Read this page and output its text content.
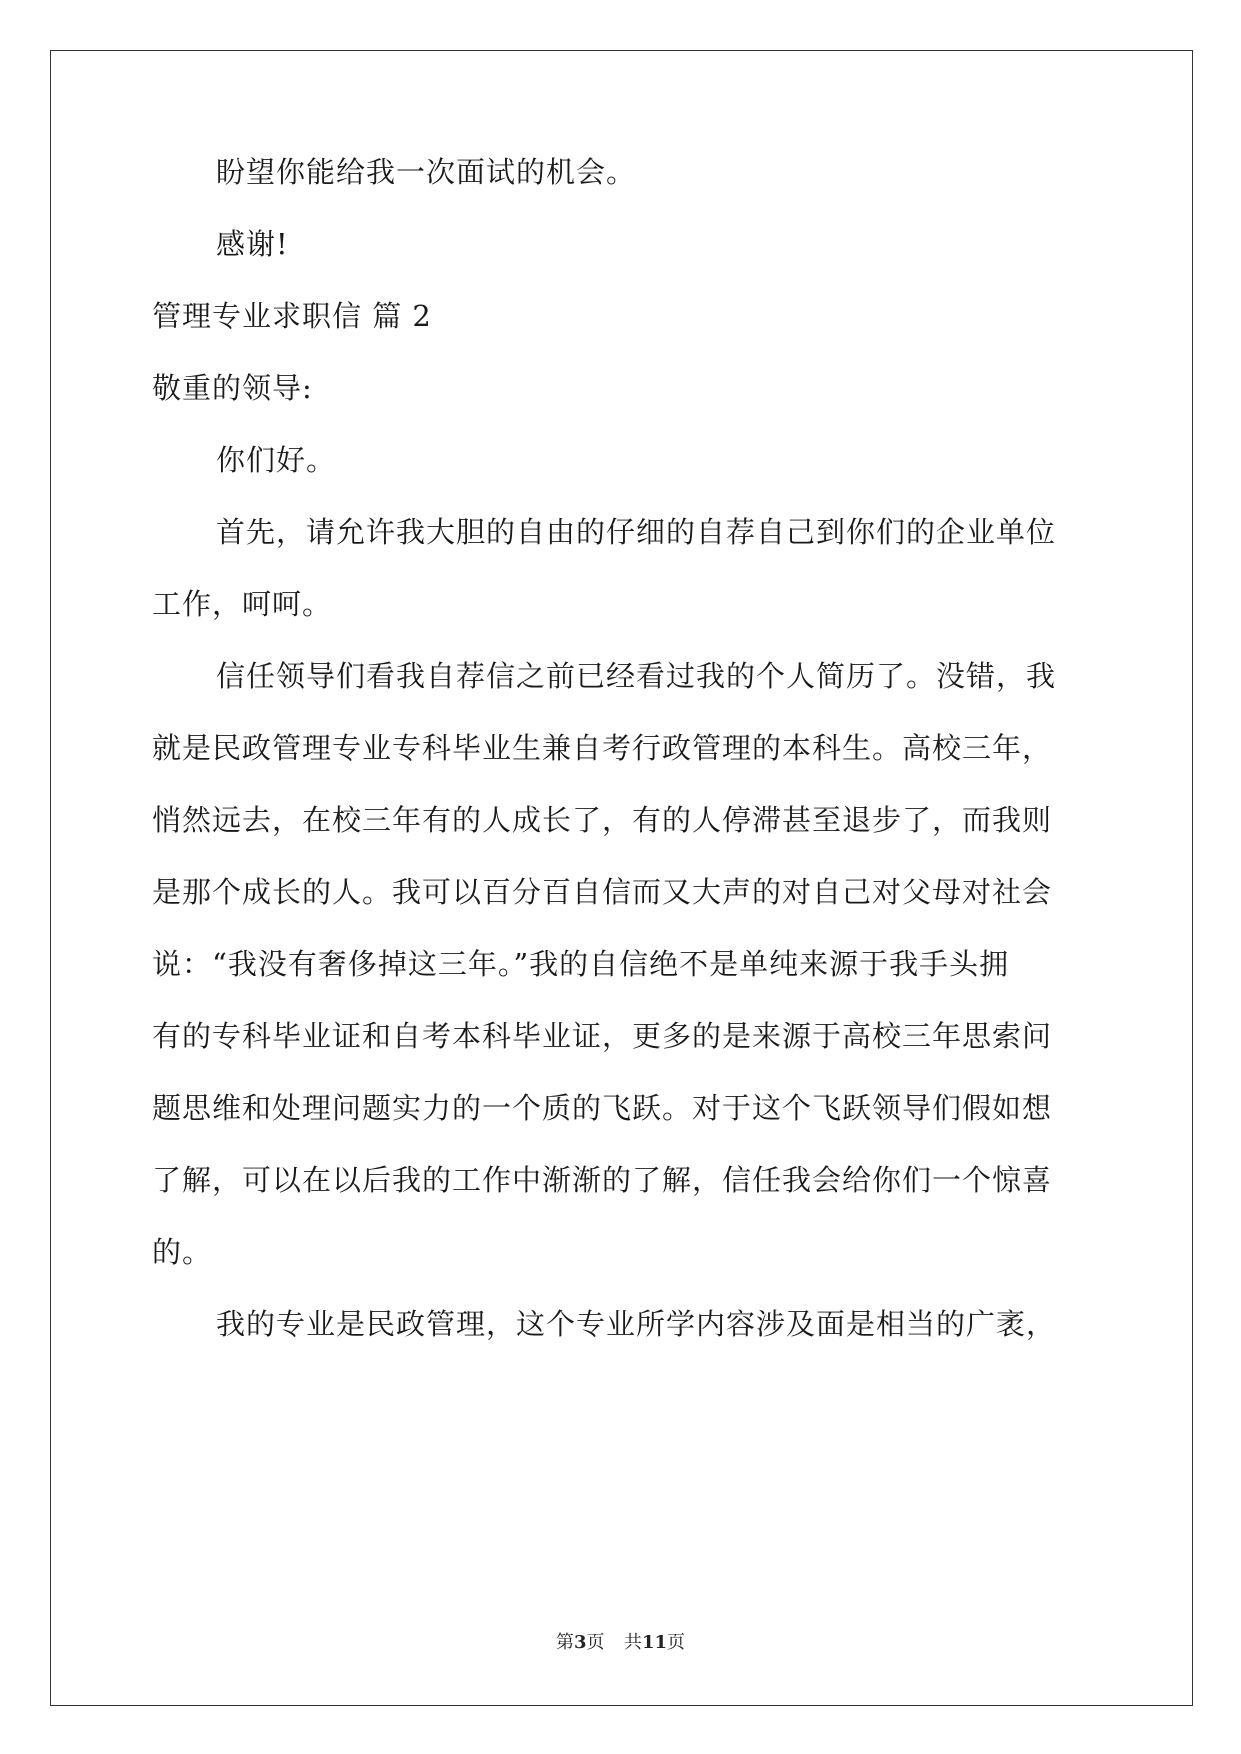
盼望你能给我一次面试的机会。
感谢!
管理专业求职信 篇 2
敬重的领导:
你们好。
首先，请允许我大胆的自由的仔细的自荐自己到你们的企业单位
工作，呵呵。
信任领导们看我自荐信之前已经看过我的个人简历了。没错，我
就是民政管理专业专科毕业生兼自考行政管理的本科生。高校三年，
悄然远去，在校三年有的人成长了，有的人停滞甚至退步了，而我则
是那个成长的人。我可以百分百自信而又大声的对自己对父母对社会
说：“我没有奢侈掉这三年。”我的自信绝不是单纯来源于我手头拥
有的专科毕业证和自考本科毕业证，更多的是来源于高校三年思索问
题思维和处理问题实力的一个质的飞跃。对于这个飞跃领导们假如想
了解，可以在以后我的工作中渐渐的了解，信任我会给你们一个惊喜
的。
我的专业是民政管理，这个专业所学内容涉及面是相当的广袤，
第3页  共11页
